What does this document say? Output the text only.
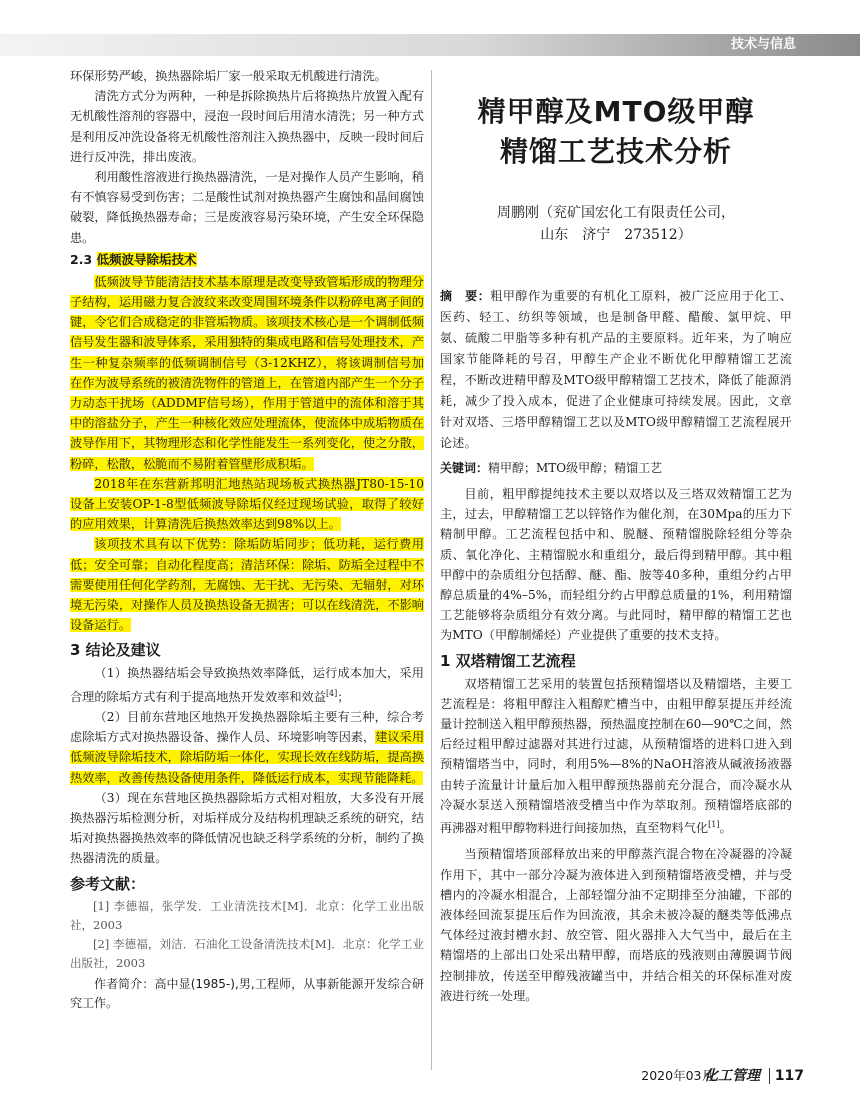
技术与信息

环保形势严峻，换热器除垢厂家一般采取无机酸进行清洗。

清洗方式分为两种，一种是拆除换热片后将换热片放置入配有无机酸性溶剂的容器中，浸泡一段时间后用清水清洗；另一种方式是利用反冲洗设备将无机酸性溶剂注入换热器中，反映一段时间后进行反冲洗，排出废液。

利用酸性溶液进行换热器清洗，一是对操作人员产生影响，稍有不慎容易受到伤害；二是酸性试剂对换热器产生腐蚀和晶间腐蚀破裂，降低换热器寿命；三是废液容易污染环境，产生安全环保隐患。

2.3 低频波导除垢技术

低频波导节能清洁技术基本原理是改变导致管垢形成的物理分子结构，运用磁力复合波纹来改变周围环境条件以粉碎电离子间的键，令它们合成稳定的非管垢物质。该项技术核心是一个调制低频信号发生器和波导体系，采用独特的集成电路和信号处理技术，产生一种复杂频率的低频调制信号（3-12KHZ），将该调制信号加在作为波导系统的被清洗物件的管道上，在管道内部产生一个分子力动态干扰场（ADDMF信号场），作用于管道中的流体和溶于其中的溶盐分子，产生一种核化效应处理流体，使流体中成垢物质在波导作用下，其物理形态和化学性能发生一系列变化，使之分散，粉碎，松散，松脆而不易附着管壁形成积垢。

2018年在东营新邦明汇地热站现场板式换热器JT80-15-10设备上安装OP-1-8型低频波导除垢仪经过现场试验，取得了较好的应用效果，计算清洗后换热效率达到98%以上。

该项技术具有以下优势：除垢防垢同步；低功耗，运行费用低；安全可靠；自动化程度高；清洁环保：除垢、防垢全过程中不需要使用任何化学药剂，无腐蚀、无干扰、无污染、无辐射，对环境无污染，对操作人员及换热设备无损害；可以在线清洗，不影响设备运行。

3 结论及建议

（1）换热器结垢会导致换热效率降低，运行成本加大，采用合理的除垢方式有利于提高地热开发效率和效益[4]；

（2）目前东营地区地热开发换热器除垢主要有三种，综合考虑除垢方式对换热器设备、操作人员、环境影响等因素，建议采用低频波导除垢技术，除垢防垢一体化，实现长效在线防垢，提高换热效率，改善传热设备使用条件，降低运行成本，实现节能降耗。

（3）现在东营地区换热器除垢方式相对粗放，大多没有开展换热器污垢检测分析，对垢样成分及结构机理缺乏系统的研究，结垢对换热器换热效率的降低情况也缺乏科学系统的分析，制约了换热器清洗的质量。

参考文献：

[1] 李德福，张学发．工业清洗技术[M]．北京：化学工业出版社，2003

[2] 李德福，刘洁．石油化工设备清洗技术[M]．北京：化学工业出版社，2003

作者简介：高中显(1985-),男,工程师，从事新能源开发综合研究工作。

精甲醇及MTO级甲醇
精馏工艺技术分析
周鹏刚（兖矿国宏化工有限责任公司，
山东　济宁　273512）

摘　要：粗甲醇作为重要的有机化工原料，被广泛应用于化工、医药、轻工、纺织等领域，也是制备甲醛、醋酸、氯甲烷、甲氨、硫酸二甲脂等多种有机产品的主要原料。近年来，为了响应国家节能降耗的号召，甲醇生产企业不断优化甲醇精馏工艺流程，不断改进精甲醇及MTO级甲醇精馏工艺技术，降低了能源消耗，减少了投入成本，促进了企业健康可持续发展。因此，文章针对双塔、三塔甲醇精馏工艺以及MTO级甲醇精馏工艺流程展开论述。

关键词：精甲醇；MTO级甲醇；精馏工艺

目前，粗甲醇提纯技术主要以双塔以及三塔双效精馏工艺为主，过去，甲醇精馏工艺以锌铬作为催化剂，在30Mpa的压力下精制甲醇。工艺流程包括中和、脱醚、预精馏脱除轻组分等杂质、氧化净化、主精馏脱水和重组分，最后得到精甲醇。其中粗甲醇中的杂质组分包括醇、醚、酯、胺等40多种，重组分约占甲醇总质量的4%–5%，而轻组分约占甲醇总质量的1%，利用精馏工艺能够将杂质组分有效分离。与此同时，精甲醇的精馏工艺也为MTO（甲醇制烯烃）产业提供了重要的技术支持。

1 双塔精馏工艺流程

双塔精馏工艺采用的装置包括预精馏塔以及精馏塔，主要工艺流程是：将粗甲醇注入粗醇贮槽当中，由粗甲醇泵提压并经流量计控制送入粗甲醇预热器，预热温度控制在60—90℃之间，然后经过粗甲醇过滤器对其进行过滤，从预精馏塔的进料口进入到预精馏塔当中，同时，利用5%—8%的NaOH溶液从碱液扬液器由转子流量计计量后加入粗甲醇预热器前充分混合，而冷凝水从冷凝水泵送入预精馏塔液受槽当中作为萃取剂。预精馏塔底部的再沸器对粗甲醇物料进行间接加热，直至物料气化[1]。

当预精馏塔顶部释放出来的甲醇蒸汽混合物在冷凝器的冷凝作用下，其中一部分冷凝为液体进入到预精馏塔液受槽，并与受槽内的冷凝水相混合，上部轻馏分油不定期排至分油罐，下部的液体经回流泵提压后作为回流液，其余未被冷凝的醚类等低沸点气体经过液封槽水封、放空管、阻火器排入大气当中，最后在主精馏塔的上部出口处采出精甲醇，而塔底的残液则由薄膜调节阀控制排放，传送至甲醇残液罐当中，并结合相关的环保标准对废液进行统一处理。

2020年03月
化工管理 117
